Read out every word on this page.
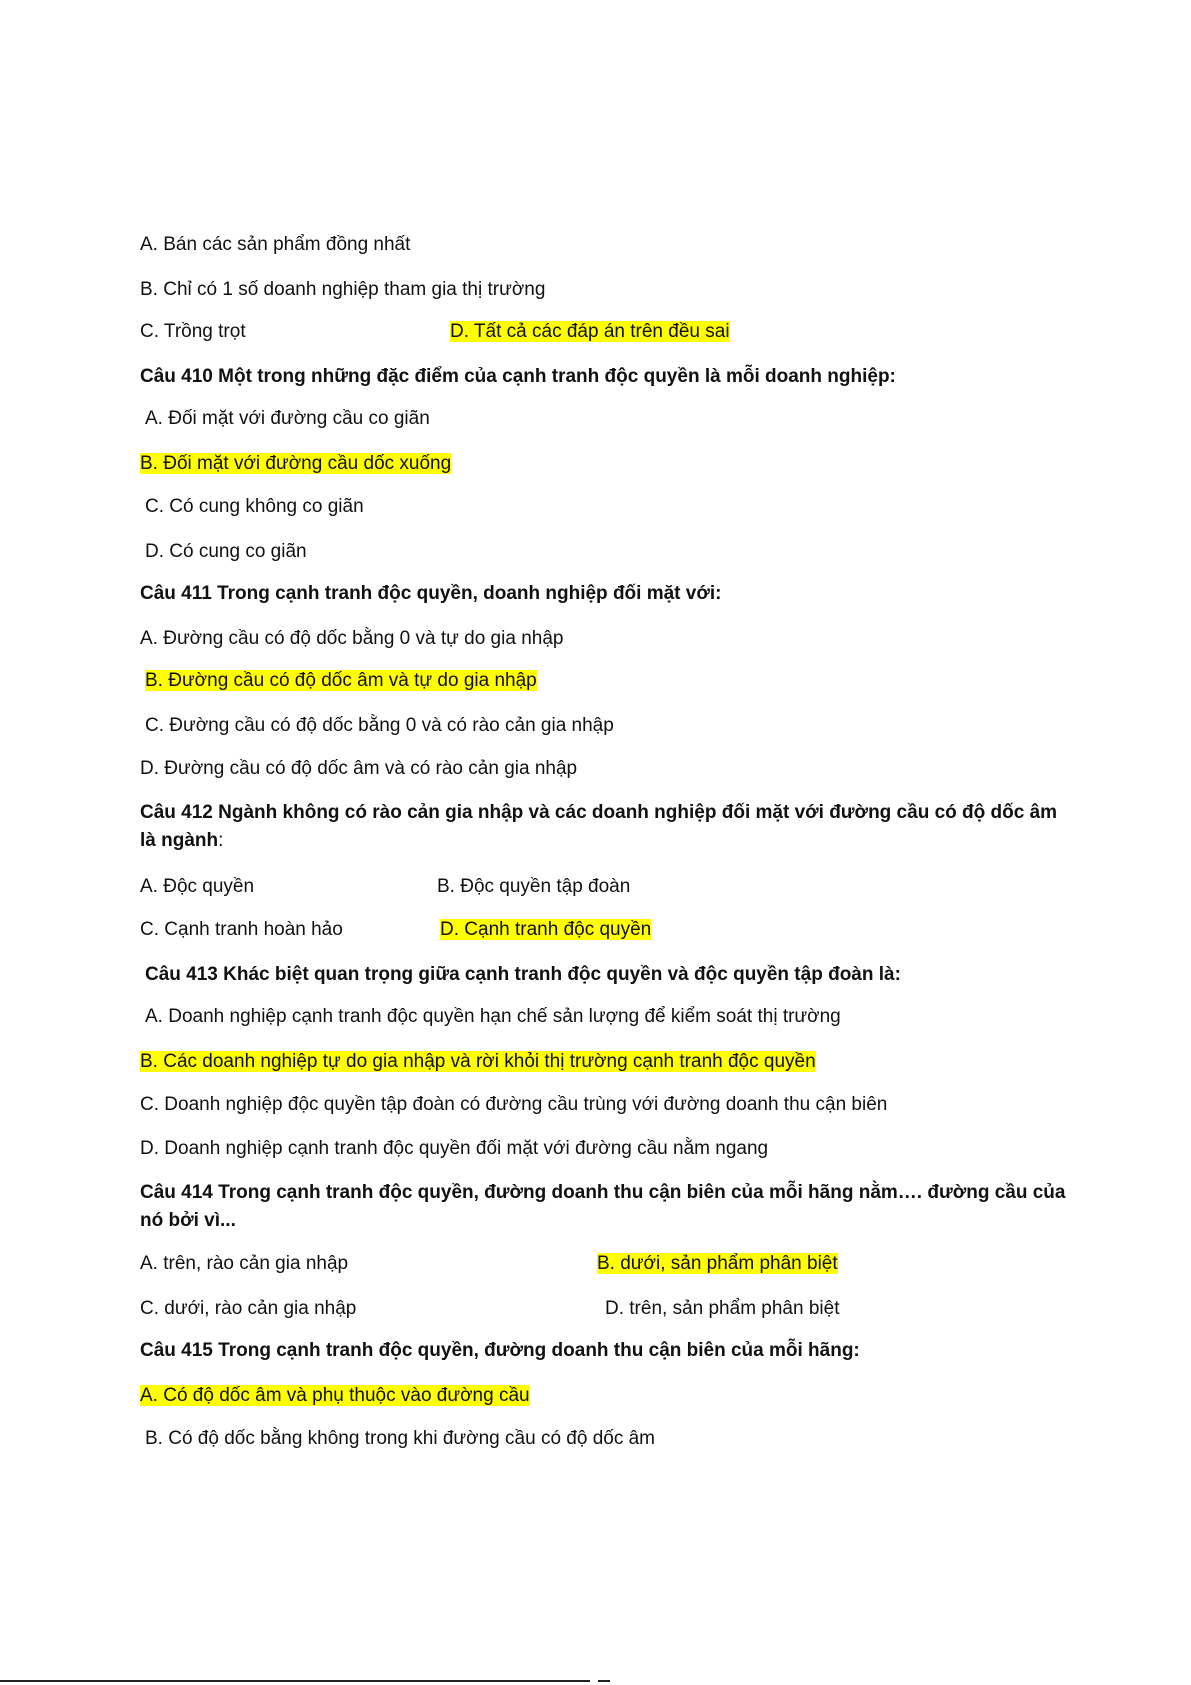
A. Bán các sản phẩm đồng nhất
B. Chỉ có 1 số doanh nghiệp tham gia thị trường
C. Trồng trọt	D. Tất cả các đáp án trên đều sai
Câu 410 Một trong những đặc điểm của cạnh tranh độc quyền là mỗi doanh nghiệp:
A. Đối mặt với đường cầu co giãn
B. Đối mặt với đường cầu dốc xuống
C. Có cung không co giãn
D. Có cung co giãn
Câu 411 Trong cạnh tranh độc quyền, doanh nghiệp đối mặt với:
A. Đường cầu có độ dốc bằng 0 và tự do gia nhập
B. Đường cầu có độ dốc âm và tự do gia nhập
C. Đường cầu có độ dốc bằng 0 và có rào cản gia nhập
D. Đường cầu có độ dốc âm và có rào cản gia nhập
Câu 412 Ngành không có rào cản gia nhập và các doanh nghiệp đối mặt với đường cầu có độ dốc âm là ngành:
A. Độc quyền	B. Độc quyền tập đoàn
C. Cạnh tranh hoàn hảo	D. Cạnh tranh độc quyền
Câu 413 Khác biệt quan trọng giữa cạnh tranh độc quyền và độc quyền tập đoàn là:
A. Doanh nghiệp cạnh tranh độc quyền hạn chế sản lượng để kiểm soát thị trường
B. Các doanh nghiệp tự do gia nhập và rời khỏi thị trường cạnh tranh độc quyền
C. Doanh nghiệp độc quyền tập đoàn có đường cầu trùng với đường doanh thu cận biên
D. Doanh nghiệp cạnh tranh độc quyền đối mặt với đường cầu nằm ngang
Câu 414 Trong cạnh tranh độc quyền, đường doanh thu cận biên của mỗi hãng nằm…. đường cầu của nó bởi vì...
A. trên, rào cản gia nhập	B. dưới, sản phẩm phân biệt
C. dưới, rào cản gia nhập	D. trên, sản phẩm phân biệt
Câu 415 Trong cạnh tranh độc quyền, đường doanh thu cận biên của mỗi hãng:
A. Có độ dốc âm và phụ thuộc vào đường cầu
B. Có độ dốc bằng không trong khi đường cầu có độ dốc âm
